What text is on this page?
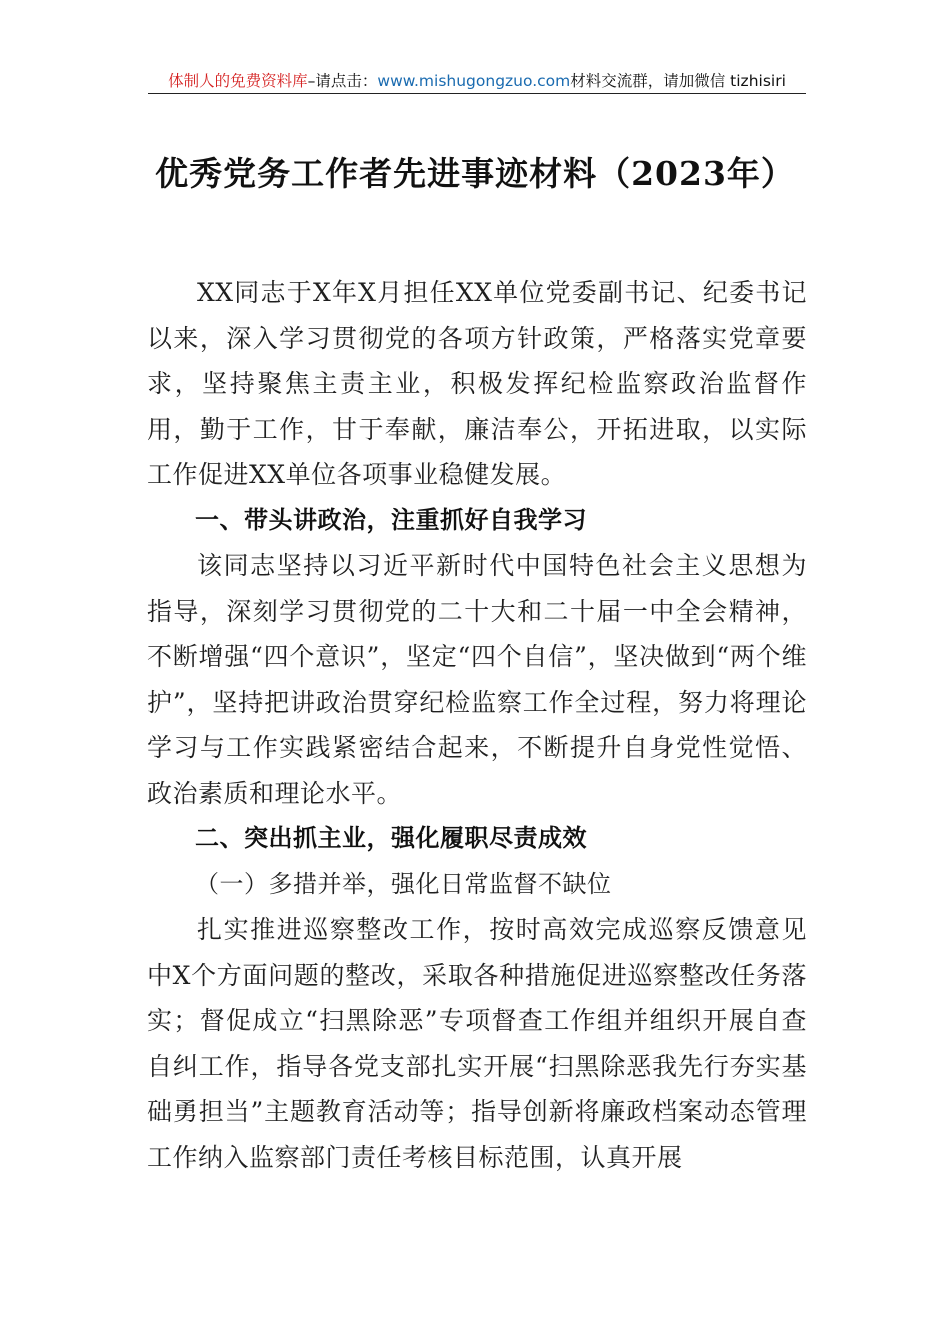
体制人的免费资料库 –请点击： www.mishugongzuo.com 材料交流群，请加微信 tizhisiri
优秀党务工作者先进事迹材料（2023年）

XX同志于X年X月担任XX单位党委副书记、纪委书记以来，深入学习贯彻党的各项方针政策，严格落实党章要求，坚持聚焦主责主业，积极发挥纪检监察政治监督作用，勤于工作，甘于奉献，廉洁奉公，开拓进取，以实际工作促进XX单位各项事业稳健发展。

一、带头讲政治，注重抓好自我学习

该同志坚持以习近平新时代中国特色社会主义思想为指导，深刻学习贯彻党的二十大和二十届一中全会精神，不断增强“四个意识”，坚定“四个自信”，坚决做到“两个维护”，坚持把讲政治贯穿纪检监察工作全过程，努力将理论学习与工作实践紧密结合起来，不断提升自身党性觉悟、政治素质和理论水平。

二、突出抓主业，强化履职尽责成效

（一）多措并举，强化日常监督不缺位

扎实推进巡察整改工作，按时高效完成巡察反馈意见中X个方面问题的整改，采取各种措施促进巡察整改任务落实；督促成立“扫黑除恶”专项督查工作组并组织开展自查自纠工作，指导各党支部扎实开展“扫黑除恶我先行夯实基础勇担当”主题教育活动等；指导创新将廉政档案动态管理工作纳入监察部门责任考核目标范围，认真开展
